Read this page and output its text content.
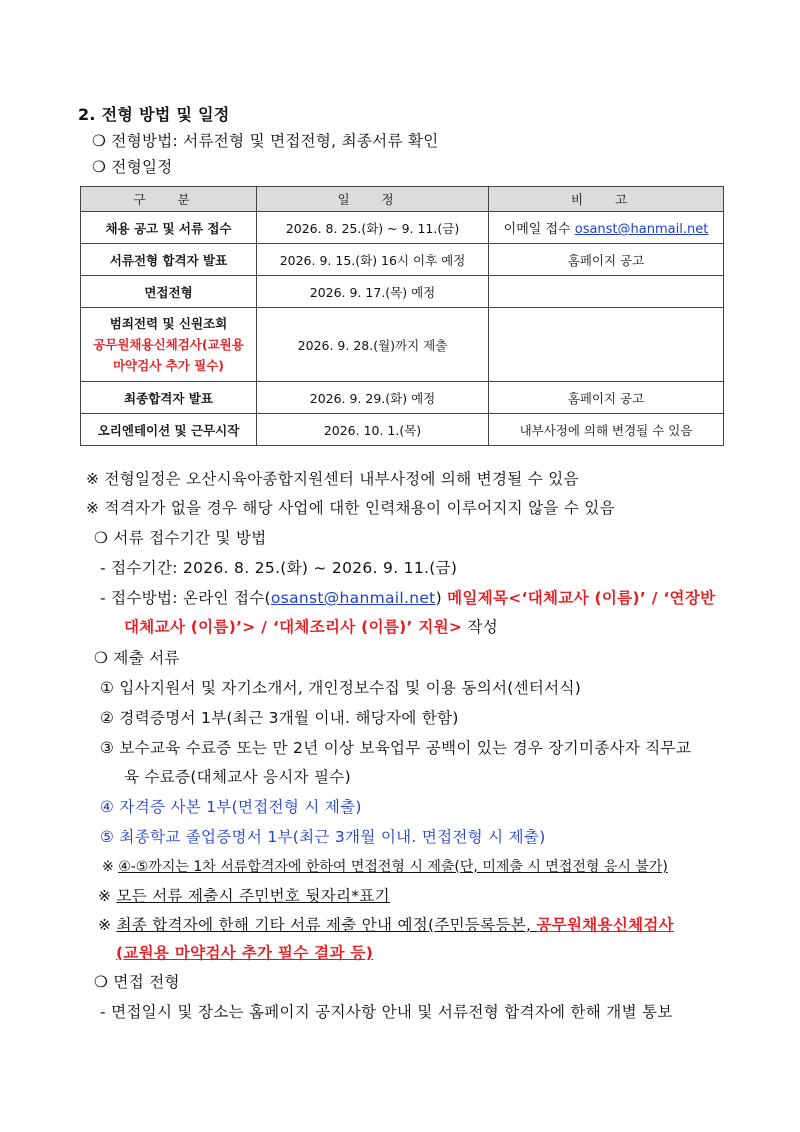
2. 전형 방법 및 일정
❍ 전형방법: 서류전형 및 면접전형, 최종서류 확인
❍ 전형일정
구 분	일 정	비 고
채용 공고 및 서류 접수	2026. 8. 25.(화) ~ 9. 11.(금)	이메일 접수 osanst@hanmail.net
서류전형 합격자 발표	2026. 9. 15.(화) 16시 이후 예정	홈페이지 공고
면접전형	2026. 9. 17.(목) 예정	

범죄전력 및 신원조회
공무원채용신체검사(교원용
마약검사 추가 필수)	2026. 9. 28.(월)까지 제출	
최종합격자 발표	2026. 9. 29.(화) 예정	홈페이지 공고
오리엔테이션 및 근무시작	2026. 10. 1.(목)	내부사정에 의해 변경될 수 있음
※ 전형일정은 오산시육아종합지원센터 내부사정에 의해 변경될 수 있음
※ 적격자가 없을 경우 해당 사업에 대한 인력채용이 이루어지지 않을 수 있음
❍ 서류 접수기간 및 방법
- 접수기간: 2026. 8. 25.(화) ~ 2026. 9. 11.(금)
- 접수방법: 온라인 접수(osanst@hanmail.net) 메일제목<‘대체교사 (이름)’ / ‘연장반
대체교사 (이름)’> / ‘대체조리사 (이름)’ 지원> 작성
❍ 제출 서류
① 입사지원서 및 자기소개서, 개인정보수집 및 이용 동의서(센터서식)
② 경력증명서 1부(최근 3개월 이내. 해당자에 한함)
③ 보수교육 수료증 또는 만 2년 이상 보육업무 공백이 있는 경우 장기미종사자 직무교
육 수료증(대체교사 응시자 필수)
④ 자격증 사본 1부(면접전형 시 제출)
⑤ 최종학교 졸업증명서 1부(최근 3개월 이내. 면접전형 시 제출)
※ ④-⑤까지는 1차 서류합격자에 한하여 면접전형 시 제출(단, 미제출 시 면접전형 응시 불가)
※ 모든 서류 제출시 주민번호 뒷자리*표기
※ 최종 합격자에 한해 기타 서류 제출 안내 예정(주민등록등본, 공무원채용신체검사
(교원용 마약검사 추가 필수 결과 등)
❍ 면접 전형
- 면접일시 및 장소는 홈페이지 공지사항 안내 및 서류전형 합격자에 한해 개별 통보
